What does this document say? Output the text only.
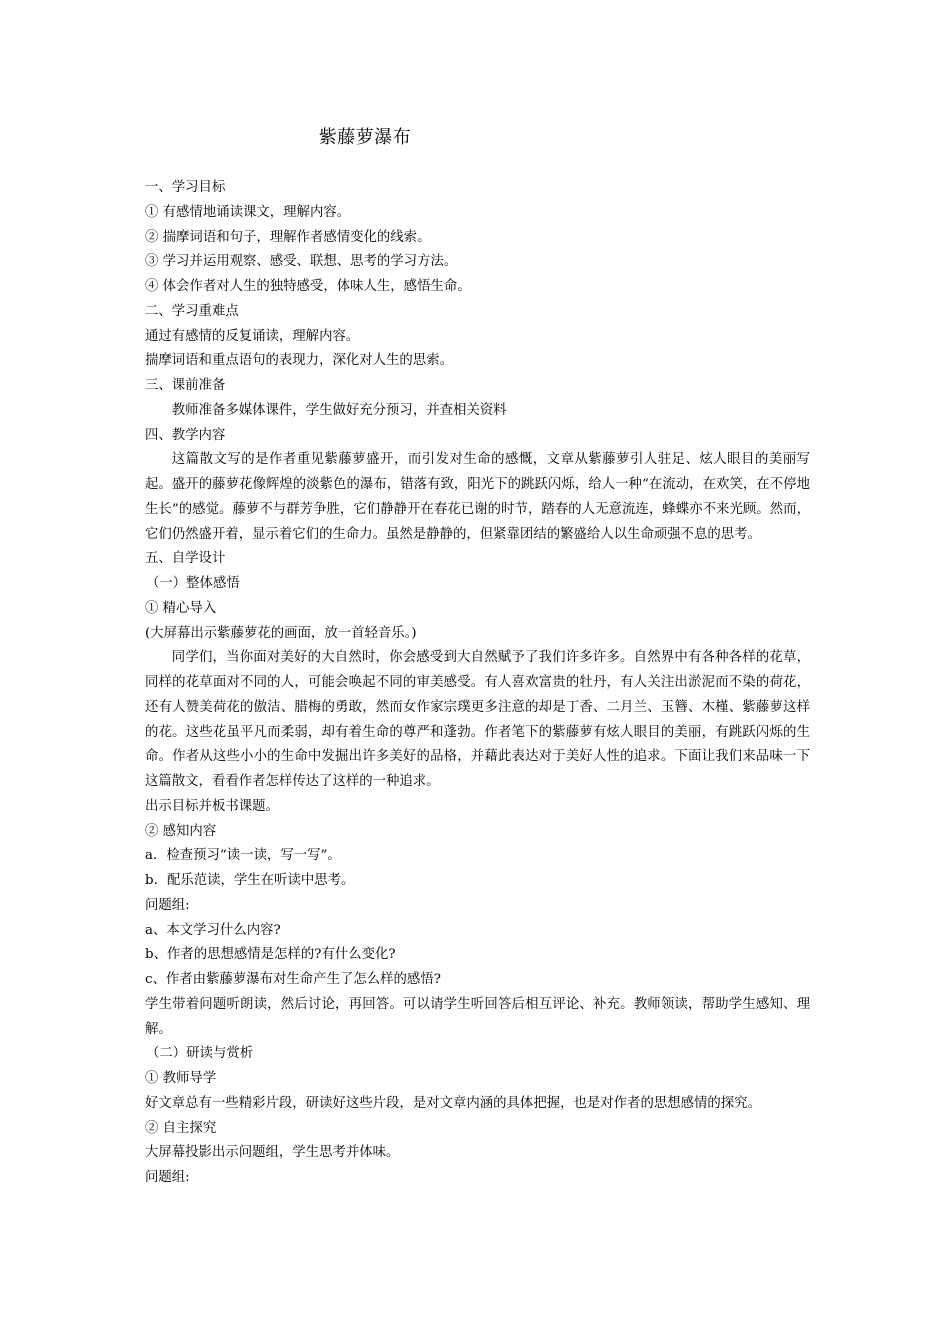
紫藤萝瀑布
一、学习目标
① 有感情地诵读课文，理解内容。
② 揣摩词语和句子，理解作者感情变化的线索。
③ 学习并运用观察、感受、联想、思考的学习方法。
④ 体会作者对人生的独特感受，体味人生，感悟生命。
二、学习重难点
通过有感情的反复诵读，理解内容。
揣摩词语和重点语句的表现力，深化对人生的思索。
三、课前准备
教师准备多媒体课件，学生做好充分预习，并查相关资料
四、教学内容
这篇散文写的是作者重见紫藤萝盛开，而引发对生命的感慨，文章从紫藤萝引人驻足、炫人眼目的美丽写起。盛开的藤萝花像辉煌的淡紫色的瀑布，错落有致，阳光下的跳跃闪烁，给人一种“在流动，在欢笑，在不停地生长”的感觉。藤萝不与群芳争胜，它们静静开在春花已谢的时节，踏春的人无意流连，蜂蝶亦不来光顾。然而，它们仍然盛开着，显示着它们的生命力。虽然是静静的，但紧靠团结的繁盛给人以生命顽强不息的思考。
五、自学设计
（一）整体感悟
① 精心导入
(大屏幕出示紫藤萝花的画面，放一首轻音乐。)
同学们，当你面对美好的大自然时，你会感受到大自然赋予了我们许多许多。自然界中有各种各样的花草，同样的花草面对不同的人，可能会唤起不同的审美感受。有人喜欢富贵的牡丹，有人关注出淤泥而不染的荷花，还有人赞美荷花的傲洁、腊梅的勇敢，然而女作家宗璞更多注意的却是丁香、二月兰、玉簪、木槿、紫藤萝这样的花。这些花虽平凡而柔弱，却有着生命的尊严和蓬勃。作者笔下的紫藤萝有炫人眼目的美丽，有跳跃闪烁的生命。作者从这些小小的生命中发掘出许多美好的品格，并藉此表达对于美好人性的追求。下面让我们来品味一下这篇散文，看看作者怎样传达了这样的一种追求。
出示目标并板书课题。
② 感知内容
a．检查预习“读一读，写一写”。
b．配乐范读，学生在听读中思考。
问题组:
a、本文学习什么内容?
b、作者的思想感情是怎样的?有什么变化?
c、作者由紫藤萝瀑布对生命产生了怎么样的感悟?
学生带着问题听朗读，然后讨论，再回答。可以请学生听回答后相互评论、补充。教师领读，帮助学生感知、理解。
（二）研读与赏析
① 教师导学
好文章总有一些精彩片段，研读好这些片段，是对文章内涵的具体把握，也是对作者的思想感情的探究。
② 自主探究
大屏幕投影出示问题组，学生思考并体味。
问题组:
